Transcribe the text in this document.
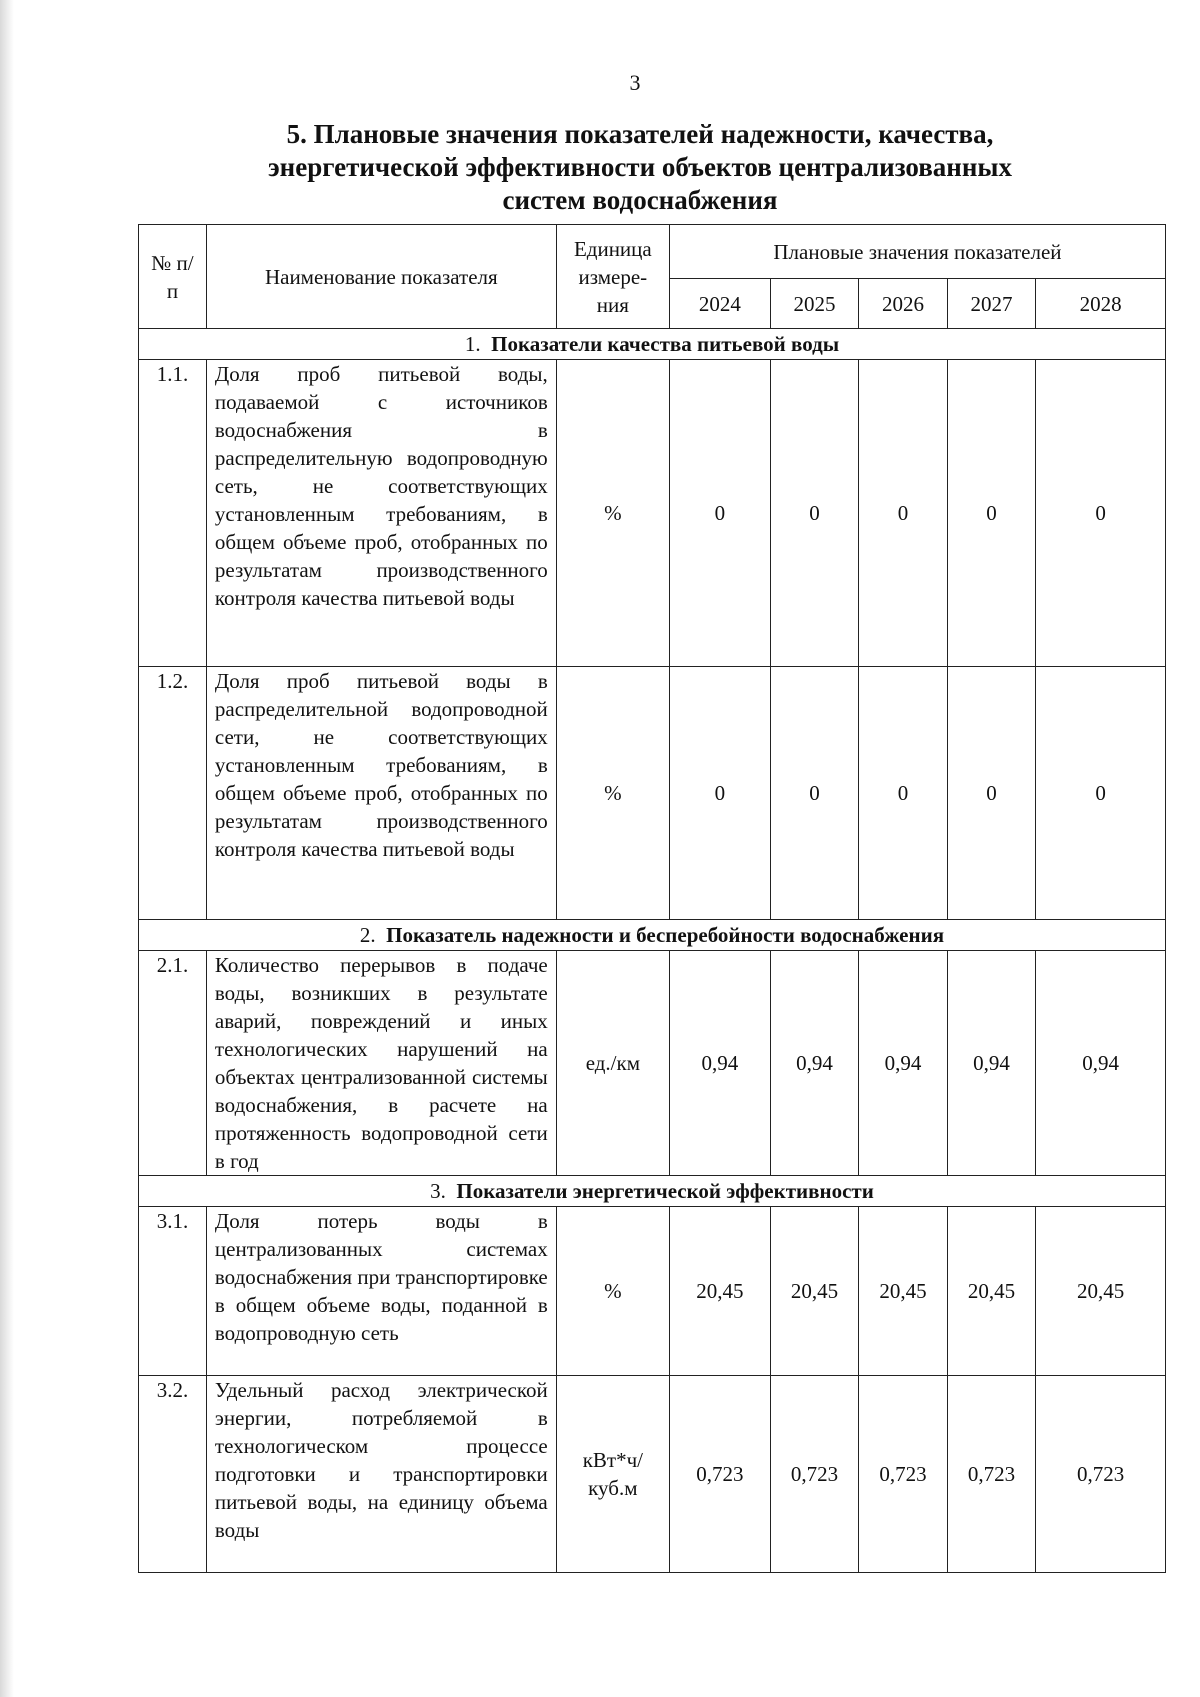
3
5. Плановые значения показателей надежности, качества,
энергетической эффективности объектов централизованных
систем водоснабжения
№ п/п	Наименование показателя	Единица измере-ния	Плановые значения показателей				
			2024	2025	2026	2027	2028
1. Показатели качества питьевой воды							
1.1.	Доля проб питьевой воды, подаваемой с источников водоснабжения в распределительную водопроводную сеть, не соответствующих установленным требованиям, в общем объеме проб, отобранных по результатам производственного контроля качества питьевой воды	%	0	0	0	0	0
1.2.	Доля проб питьевой воды в распределительной водопроводной сети, не соответствующих установленным требованиям, в общем объеме проб, отобранных по результатам производственного контроля качества питьевой воды	%	0	0	0	0	0
2. Показатель надежности и бесперебойности водоснабжения							
2.1.	Количество перерывов в подаче воды, возникших в результате аварий, повреждений и иных технологических нарушений на объектах централизованной системы водоснабжения, в расчете на протяженность водопроводной сети в год	ед./км	0,94	0,94	0,94	0,94	0,94
3. Показатели энергетической эффективности							
3.1.	Доля потерь воды в централизованных системах водоснабжения при транспортировке в общем объеме воды, поданной в водопроводную сеть	%	20,45	20,45	20,45	20,45	20,45
3.2.	Удельный расход электрической энергии, потребляемой в технологическом процессе подготовки и транспортировки питьевой воды, на единицу объема воды	кВт*ч/ куб.м	0,723	0,723	0,723	0,723	0,723
